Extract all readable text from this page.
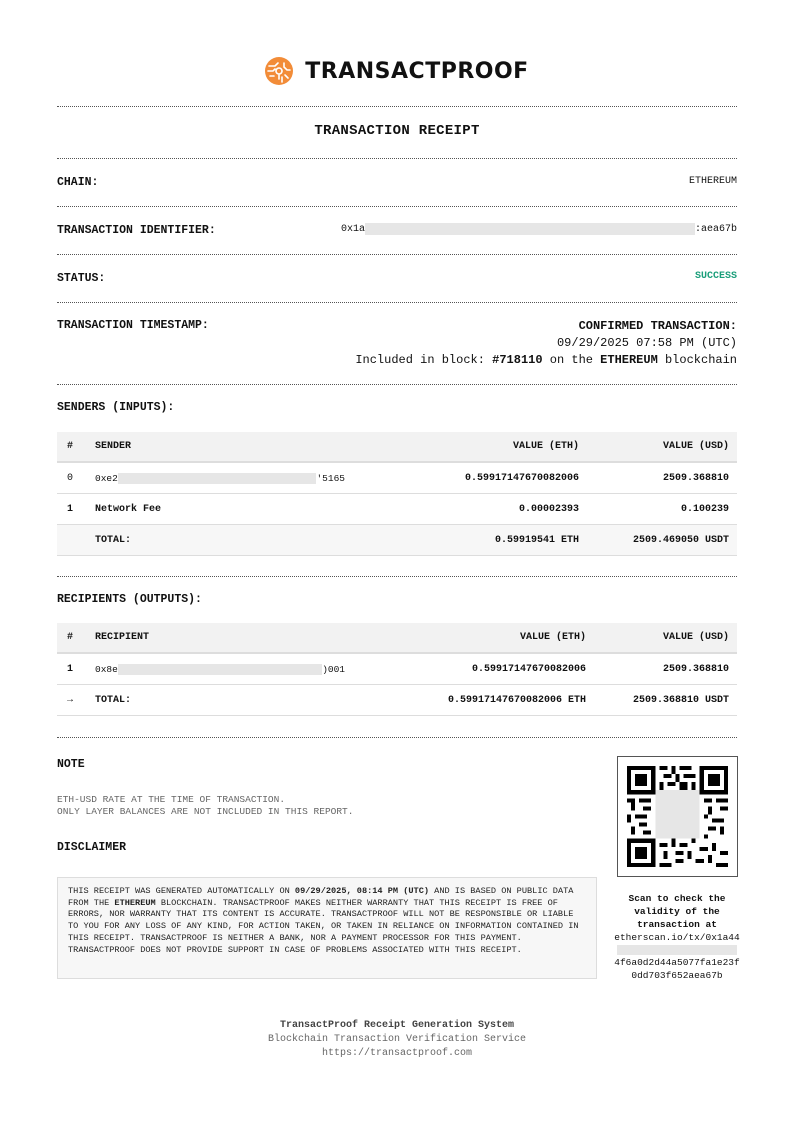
TRANSACTPROOF
TRANSACTION RECEIPT
CHAIN:	ETHEREUM
TRANSACTION IDENTIFIER:	0x1a	:aea67b
STATUS:	SUCCESS
TRANSACTION TIMESTAMP:	CONFIRMED TRANSACTION:
09/29/2025 07:58 PM (UTC)
Included in block: #718110 on the ETHEREUM blockchain
SENDERS (INPUTS):
#	SENDER	VALUE (ETH)	VALUE (USD)
0	0xe2	'5165	0.59917147670082006	2509.368810
1	Network Fee	0.00002393	0.100239
TOTAL:	0.59919541 ETH	2509.469050 USDT
RECIPIENTS (OUTPUTS):
#	RECIPIENT	VALUE (ETH)	VALUE (USD)
1	0x8e	)001	0.59917147670082006	2509.368810
→	TOTAL:	0.59917147670082006 ETH	2509.368810 USDT
NOTE
ETH-USD RATE AT THE TIME OF TRANSACTION.
ONLY LAYER BALANCES ARE NOT INCLUDED IN THIS REPORT.
DISCLAIMER
THIS RECEIPT WAS GENERATED AUTOMATICALLY ON 09/29/2025, 08:14 PM (UTC) AND IS BASED ON PUBLIC DATA FROM THE ETHEREUM BLOCKCHAIN. TRANSACTPROOF MAKES NEITHER WARRANTY THAT THIS RECEIPT IS FREE OF ERRORS, NOR WARRANTY THAT ITS CONTENT IS ACCURATE. TRANSACTPROOF WILL NOT BE RESPONSIBLE OR LIABLE TO YOU FOR ANY LOSS OF ANY KIND, FOR ACTION TAKEN, OR TAKEN IN RELIANCE ON INFORMATION CONTAINED IN THIS RECEIPT. TRANSACTPROOF IS NEITHER A BANK, NOR A PAYMENT PROCESSOR FOR THIS PAYMENT. TRANSACTPROOF DOES NOT PROVIDE SUPPORT IN CASE OF PROBLEMS ASSOCIATED WITH THIS RECEIPT.
Scan to check the validity of the transaction at
etherscan.io/tx/0x1a44
4f6a0d2d44a5077fa1e23f
0dd703f652aea67b
TransactProof Receipt Generation System
Blockchain Transaction Verification Service
https://transactproof.com
